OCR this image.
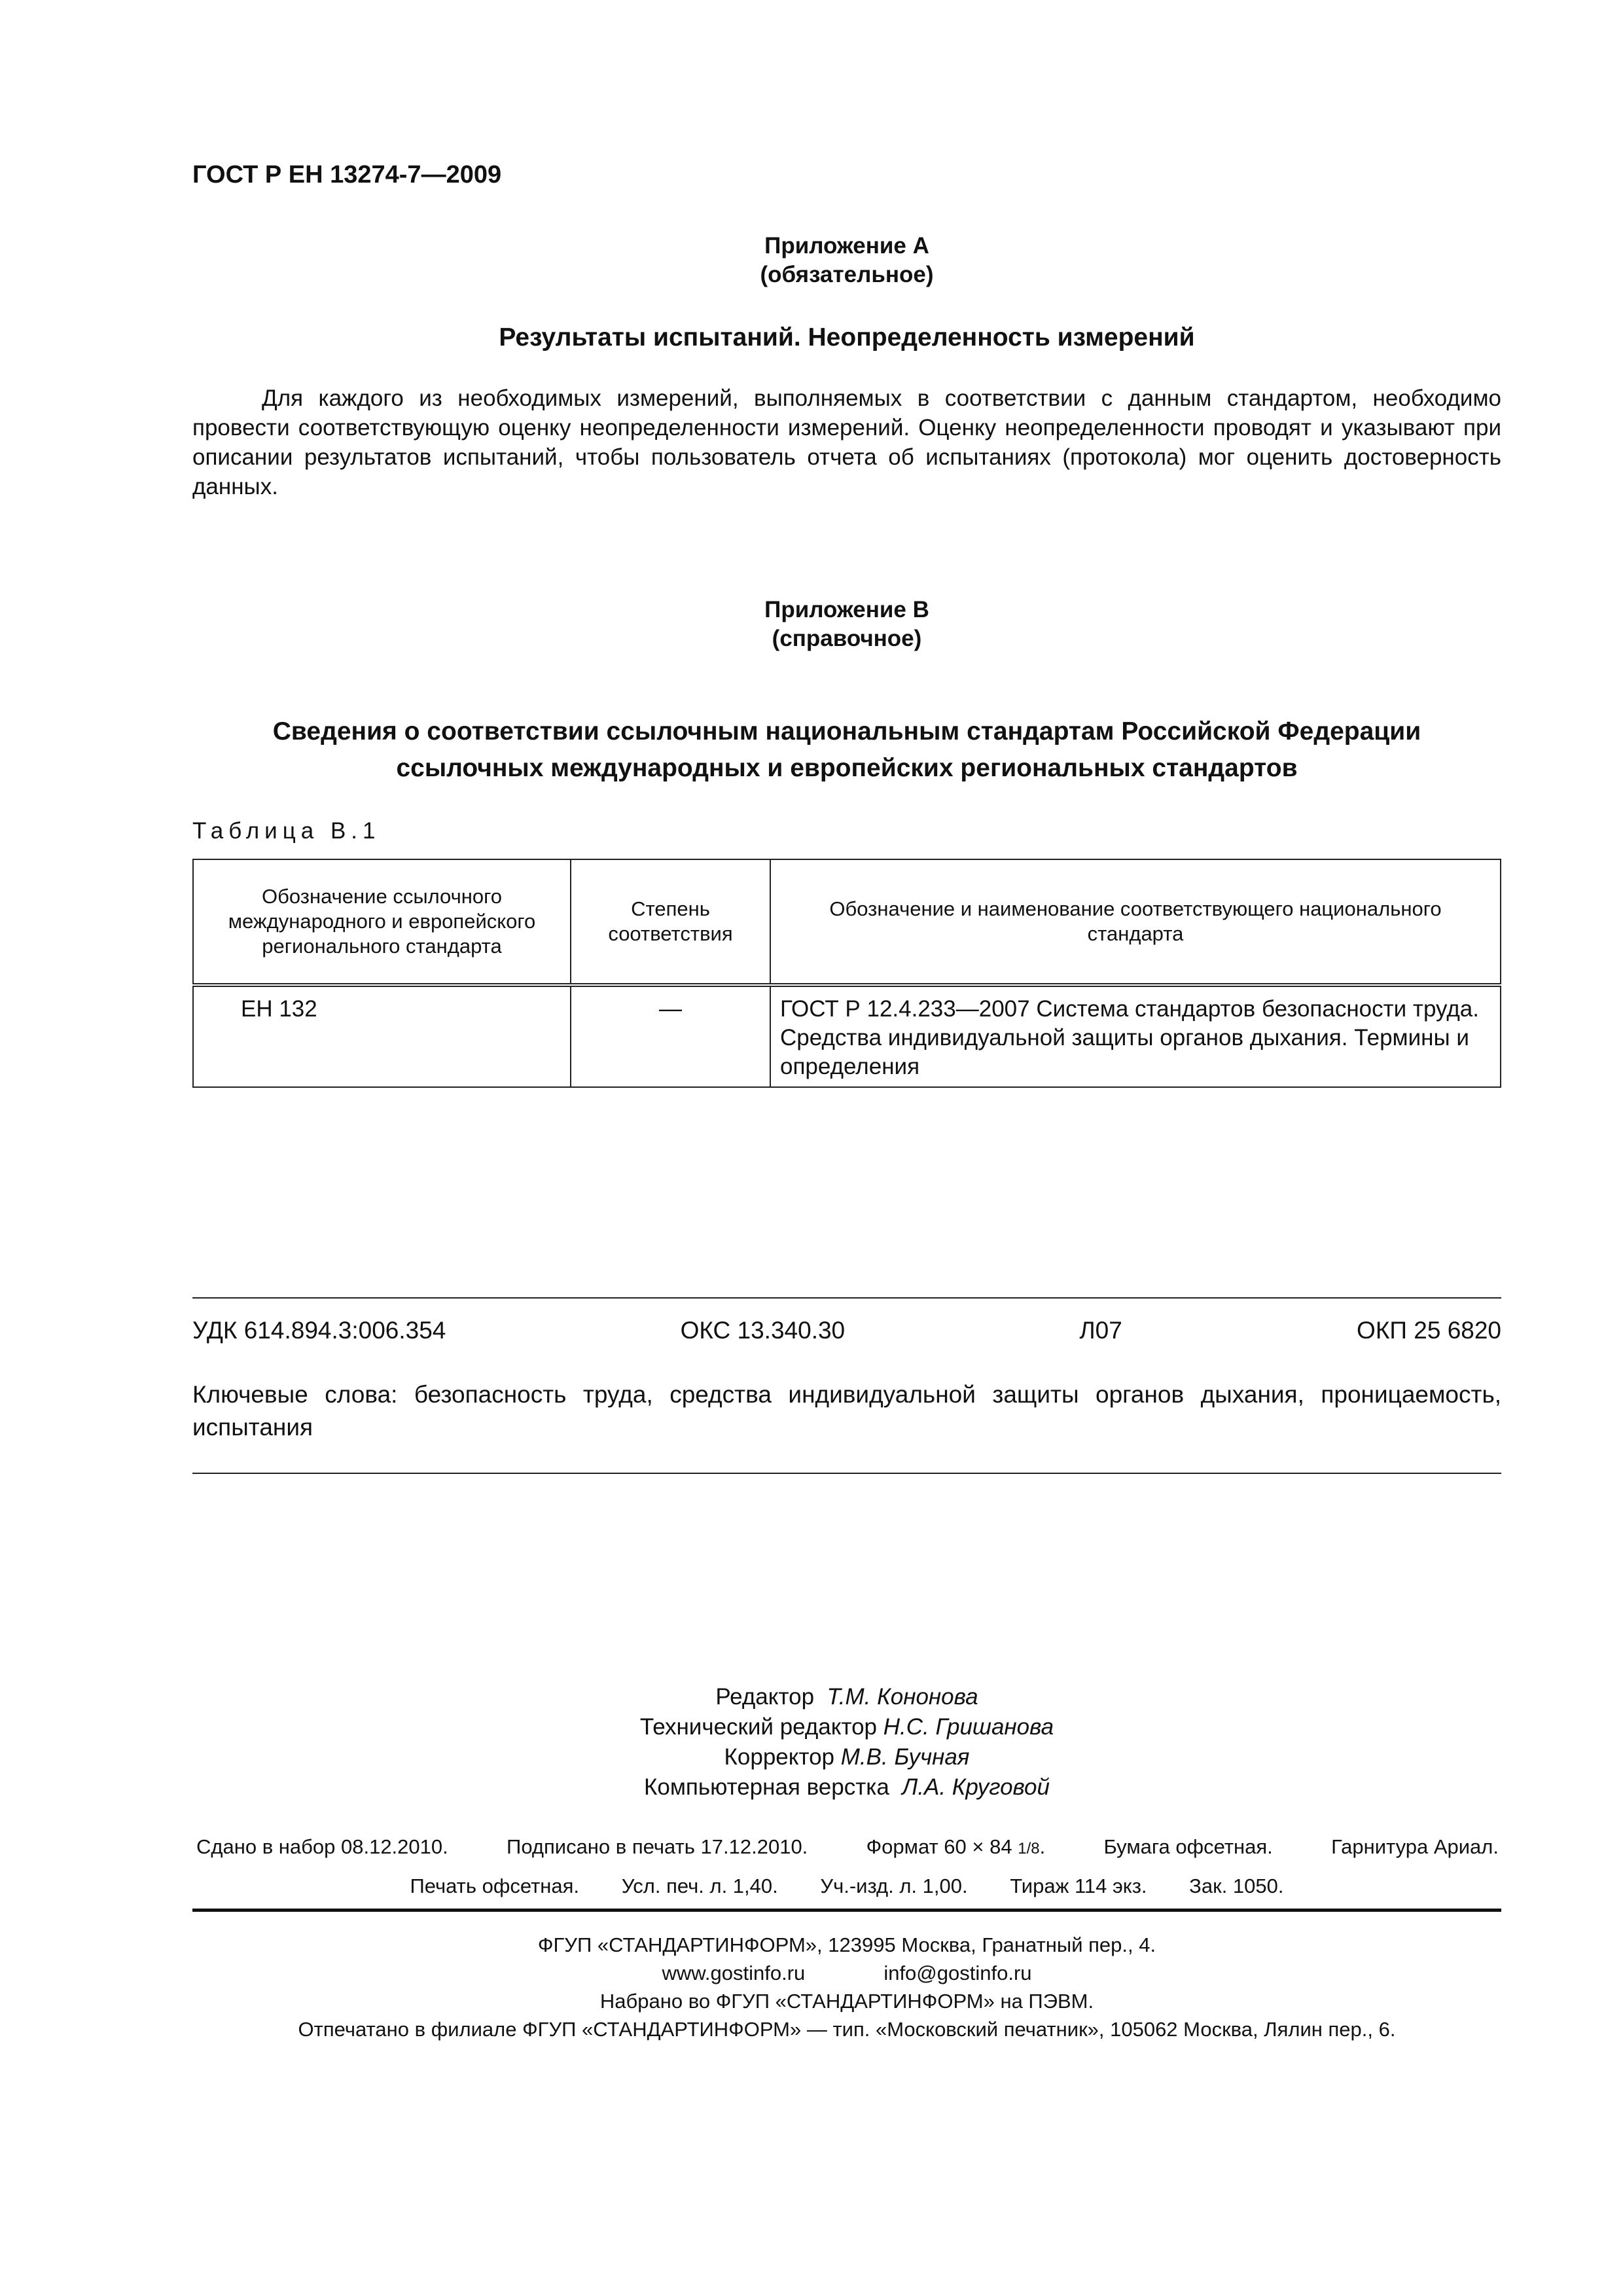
ГОСТ Р ЕН 13274-7—2009
Приложение А
(обязательное)
Результаты испытаний. Неопределенность измерений
Для каждого из необходимых измерений, выполняемых в соответствии с данным стандартом, необходимо провести соответствующую оценку неопределенности измерений. Оценку неопределенности проводят и указывают при описании результатов испытаний, чтобы пользователь отчета об испытаниях (протокола) мог оценить достоверность данных.
Приложение В
(справочное)
Сведения о соответствии ссылочным национальным стандартам Российской Федерации
ссылочных международных и европейских региональных стандартов
Таблица В.1
Обозначение ссылочного международного и европейского регионального стандарта	Степень соответствия	Обозначение и наименование соответствующего национального стандарта
ЕН 132	—	ГОСТ Р 12.4.233—2007 Система стандартов безопасности труда. Средства индивидуальной защиты органов дыхания. Термины и определения
УДК 614.894.3:006.354	ОКС 13.340.30	Л07	ОКП 25 6820
Ключевые слова: безопасность труда, средства индивидуальной защиты органов дыхания, проницаемость, испытания
Редактор Т.М. Кононова
Технический редактор Н.С. Гришанова
Корректор М.В. Бучная
Компьютерная верстка Л.А. Круговой
Сдано в набор 08.12.2010.	Подписано в печать 17.12.2010.	Формат 60 × 84 1/8.	Бумага офсетная.	Гарнитура Ариал.
Печать офсетная. Усл. печ. л. 1,40. Уч.-изд. л. 1,00. Тираж 114 экз. Зак. 1050.
ФГУП «СТАНДАРТИНФОРМ», 123995 Москва, Гранатный пер., 4.
www.gostinfo.ru	info@gostinfo.ru
Набрано во ФГУП «СТАНДАРТИНФОРМ» на ПЭВМ.
Отпечатано в филиале ФГУП «СТАНДАРТИНФОРМ» — тип. «Московский печатник», 105062 Москва, Лялин пер., 6.
